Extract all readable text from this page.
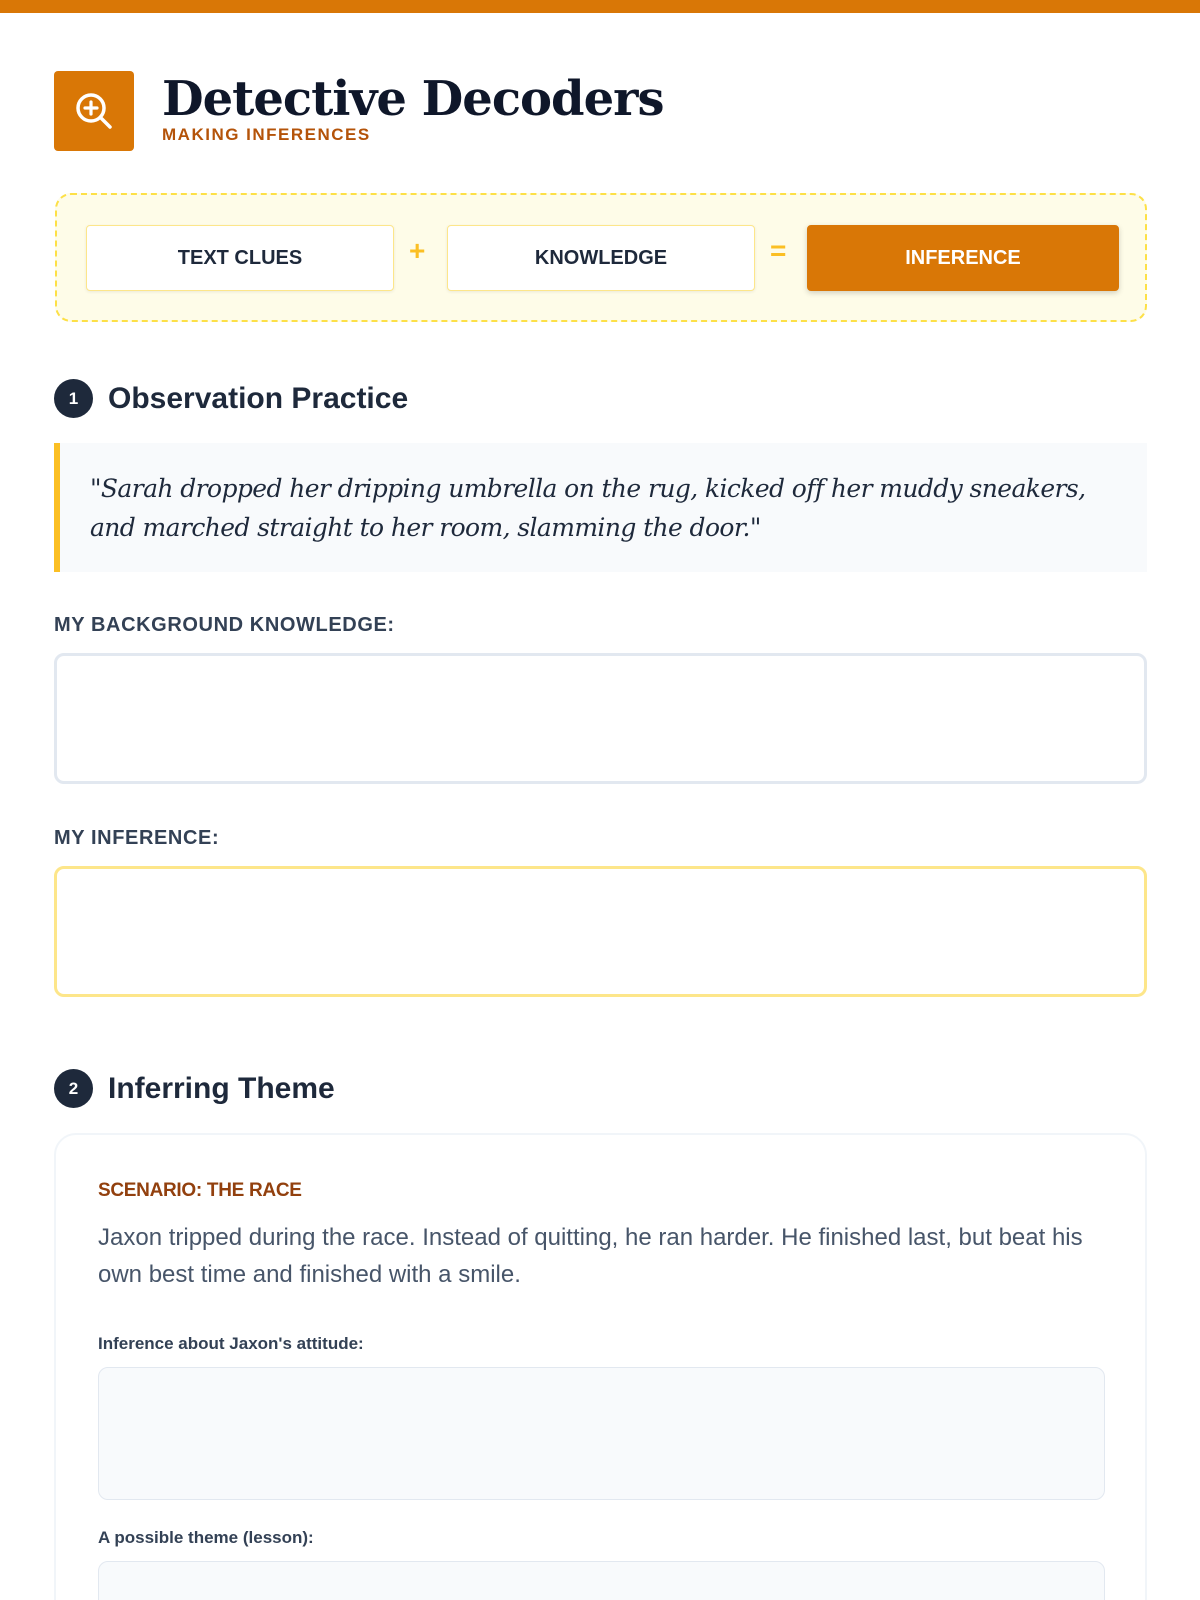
Detective Decoders
MAKING INFERENCES
TEXT CLUES	+	KNOWLEDGE	=	INFERENCE
1 Observation Practice
"Sarah dropped her dripping umbrella on the rug, kicked off her muddy sneakers, and marched straight to her room, slamming the door."
MY BACKGROUND KNOWLEDGE:
MY INFERENCE:
2 Inferring Theme
SCENARIO: THE RACE
Jaxon tripped during the race. Instead of quitting, he ran harder. He finished last, but beat his own best time and finished with a smile.
Inference about Jaxon's attitude:
A possible theme (lesson):
